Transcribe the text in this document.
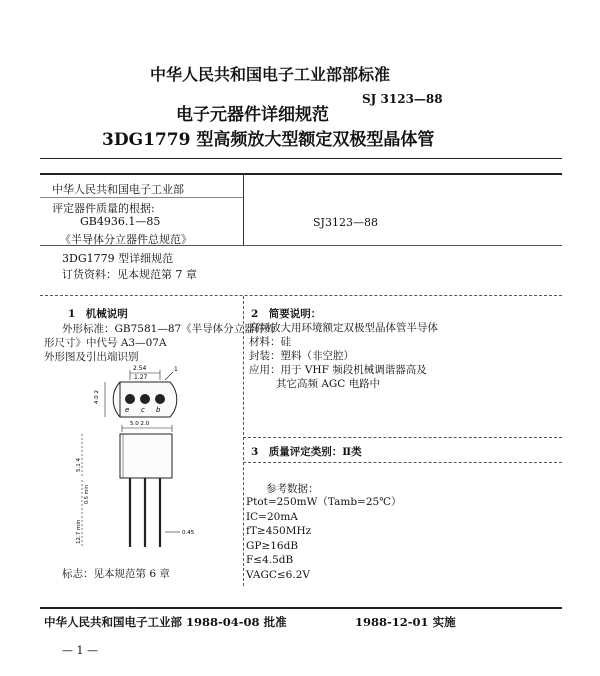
中华人民共和国电子工业部部标准
SJ 3123—88
电子元器件详细规范
3DG1779 型高频放大型额定双极型晶体管
中华人民共和国电子工业部
评定器件质量的根据:
GB4936.1—85
《半导体分立器件总规范》
SJ3123—88
3DG1779 型详细规范
订货资料：见本规范第 7 章
1　机械说明
外形标准：GB7581—87《半导体分立器件外
形尺寸》中代号 A3—07A
外形图及引出端识别
2.54
1.27
1
4.0 2
e c b
5.0 2.0
5.1 4
12.7 min	0.45
0.5 min
标志：见本规范第 6 章
2　简要说明：
高频放大用环境额定双极型晶体管半导体
材料：硅
封装：塑料（非空腔）
应用：用于 VHF 频段机械调谐器高及
其它高频 AGC 电路中
3　质量评定类别：Ⅱ类
参考数据：
Ptot=250mW（Tamb=25℃）
IC=20mA
fT≥450MHz
GP≥16dB
F≤4.5dB
VAGC≤6.2V
中华人民共和国电子工业部 1988-04-08 批准	1988-12-01 实施
— 1 —
